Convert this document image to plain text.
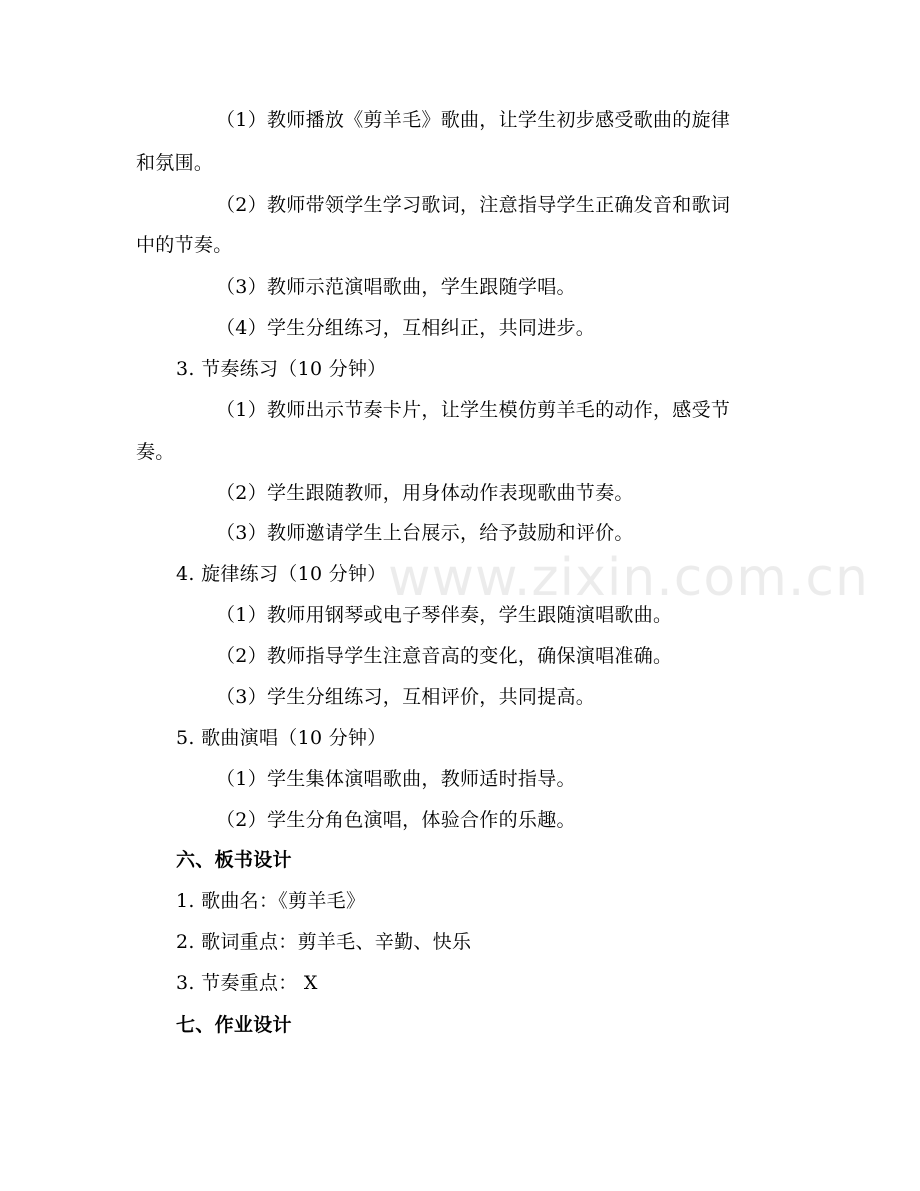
www.zixin.com.cn
（1）教师播放《剪羊毛》歌曲，让学生初步感受歌曲的旋律
和氛围。
（2）教师带领学生学习歌词，注意指导学生正确发音和歌词
中的节奏。
（3）教师示范演唱歌曲，学生跟随学唱。
（4）学生分组练习，互相纠正，共同进步。
3. 节奏练习（10 分钟）
（1）教师出示节奏卡片，让学生模仿剪羊毛的动作，感受节
奏。
（2）学生跟随教师，用身体动作表现歌曲节奏。
（3）教师邀请学生上台展示，给予鼓励和评价。
4. 旋律练习（10 分钟）
（1）教师用钢琴或电子琴伴奏，学生跟随演唱歌曲。
（2）教师指导学生注意音高的变化，确保演唱准确。
（3）学生分组练习，互相评价，共同提高。
5. 歌曲演唱（10 分钟）
（1）学生集体演唱歌曲，教师适时指导。
（2）学生分角色演唱，体验合作的乐趣。
六、板书设计
1. 歌曲名：《剪羊毛》
2. 歌词重点：剪羊毛、辛勤、快乐
3. 节奏重点： X
七、作业设计
